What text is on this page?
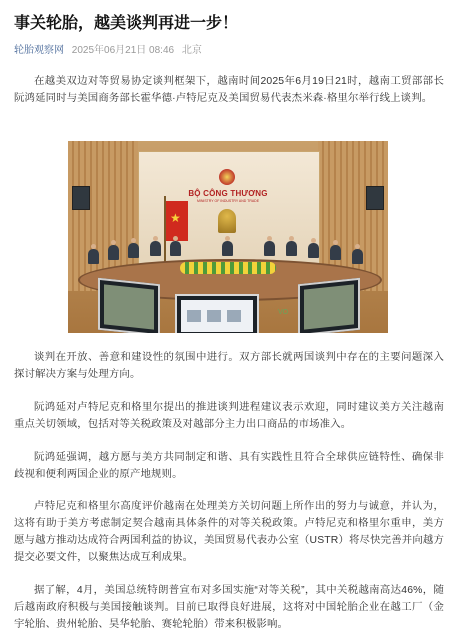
事关轮胎，越美谈判再进一步！
轮胎观察网 2025年06月21日 08:46 北京

在越美双边对等贸易协定谈判框架下，越南时间2025年6月19日21时，越南工贸部部长阮鸿延同时与美国商务部长霍华德·卢特尼克及美国贸易代表杰米森·格里尔举行线上谈判。

BỘ CÔNG THƯƠNG
MINISTRY OF INDUSTRY AND TRADE
★
VO

谈判在开放、善意和建设性的氛围中进行。双方部长就两国谈判中存在的主要问题深入探讨解决方案与处理方向。

阮鸿延对卢特尼克和格里尔提出的推进谈判进程建议表示欢迎，同时建议美方关注越南重点关切领域，包括对等关税政策及对越部分主力出口商品的市场准入。

阮鸿延强调，越方愿与美方共同制定和谐、具有实践性且符合全球供应链特性、确保非歧视和便利两国企业的原产地规则。

卢特尼克和格里尔高度评价越南在处理美方关切问题上所作出的努力与诚意，并认为，这将有助于美方考虑制定契合越南具体条件的对等关税政策。卢特尼克和格里尔重申，美方愿与越方推动达成符合两国利益的协议，美国贸易代表办公室（USTR）将尽快完善并向越方提交必要文件，以聚焦达成互利成果。

据了解，4月，美国总统特朗普宣布对多国实施“对等关税”，其中关税越南高达46%，随后越南政府积极与美国接触谈判。目前已取得良好进展，这将对中国轮胎企业在越工厂（金宇轮胎、贵州轮胎、昊华轮胎、赛轮轮胎）带来积极影响。
